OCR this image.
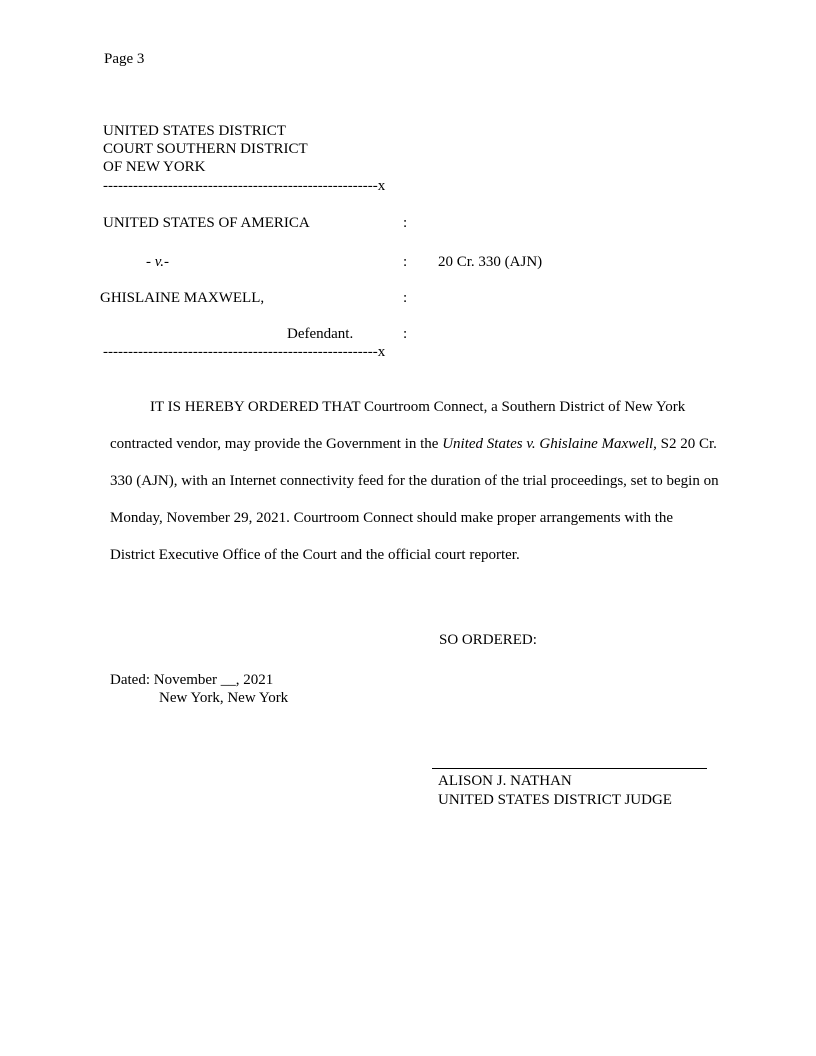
Page 3
UNITED STATES DISTRICT
COURT SOUTHERN DISTRICT
OF NEW YORK
-------------------------------------------------------x
UNITED STATES OF AMERICA	:
- v.-	: 20 Cr. 330 (AJN)
GHISLAINE MAXWELL,	:
Defendant.	:
-------------------------------------------------------x
IT IS HEREBY ORDERED THAT Courtroom Connect, a Southern District of New York contracted vendor, may provide the Government in the United States v. Ghislaine Maxwell, S2 20 Cr. 330 (AJN), with an Internet connectivity feed for the duration of the trial proceedings, set to begin on Monday, November 29, 2021. Courtroom Connect should make proper arrangements with the District Executive Office of the Court and the official court reporter.
SO ORDERED:
Dated: November __, 2021
New York, New York
ALISON J. NATHAN
UNITED STATES DISTRICT JUDGE
